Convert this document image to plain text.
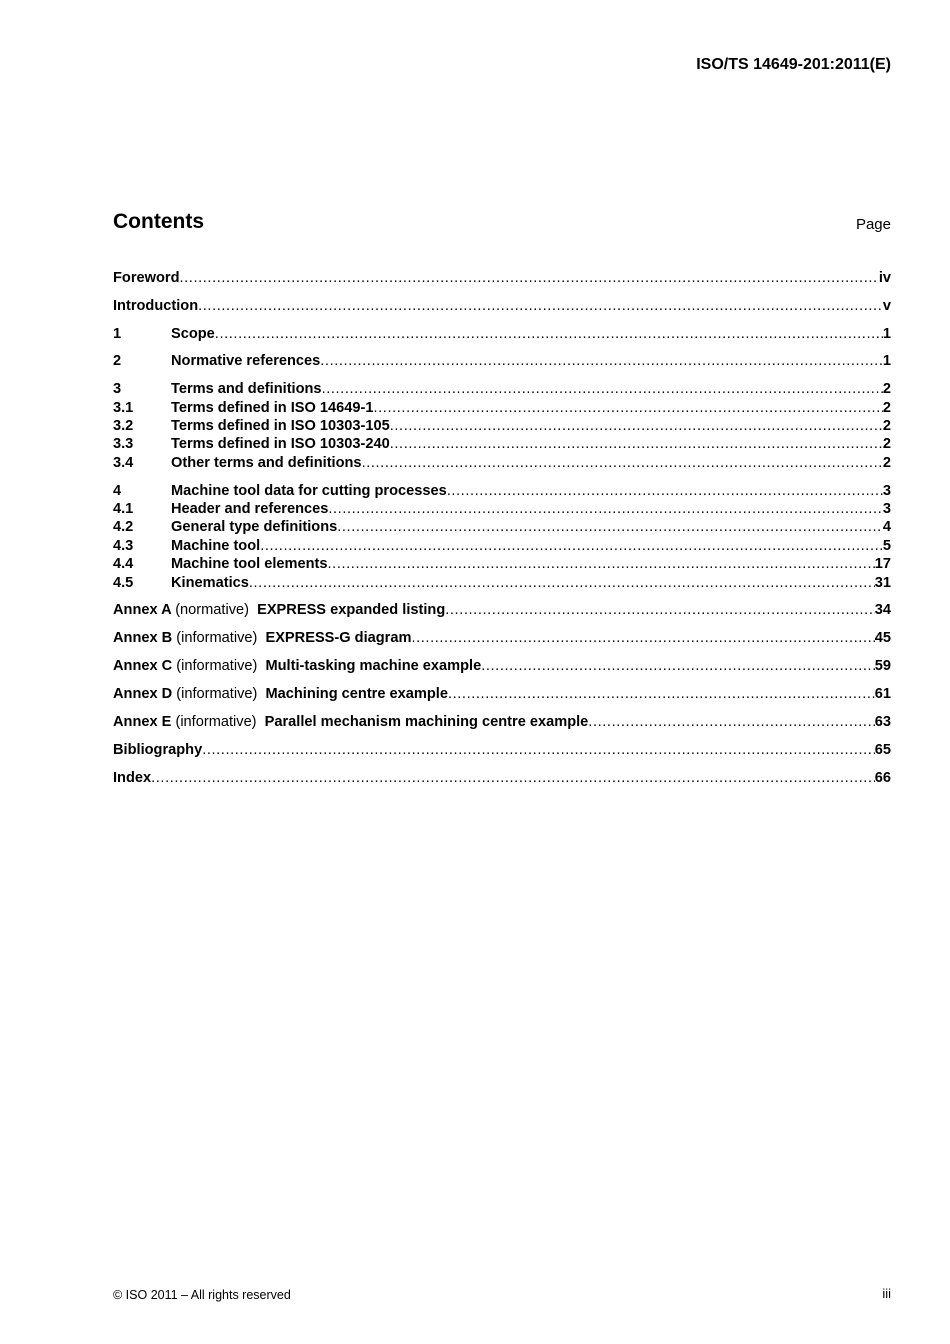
ISO/TS 14649-201:2011(E)
Contents	Page
Foreword .....	iv
Introduction .....	v
1	Scope .....	1
2	Normative references .....	1
3	Terms and definitions .....	2
3.1	Terms defined in ISO 14649-1 .....	2
3.2	Terms defined in ISO 10303-105 .....	2
3.3	Terms defined in ISO 10303-240 .....	2
3.4	Other terms and definitions .....	2
4	Machine tool data for cutting processes .....	3
4.1	Header and references .....	3
4.2	General type definitions .....	4
4.3	Machine tool .....	5
4.4	Machine tool elements .....	17
4.5	Kinematics .....	31
Annex A (normative) EXPRESS expanded listing .....	34
Annex B (informative) EXPRESS-G diagram .....	45
Annex C (informative) Multi-tasking machine example .....	59
Annex D (informative) Machining centre example .....	61
Annex E (informative) Parallel mechanism machining centre example .....	63
Bibliography .....	65
Index .....	66
© ISO 2011 – All rights reserved	iii
